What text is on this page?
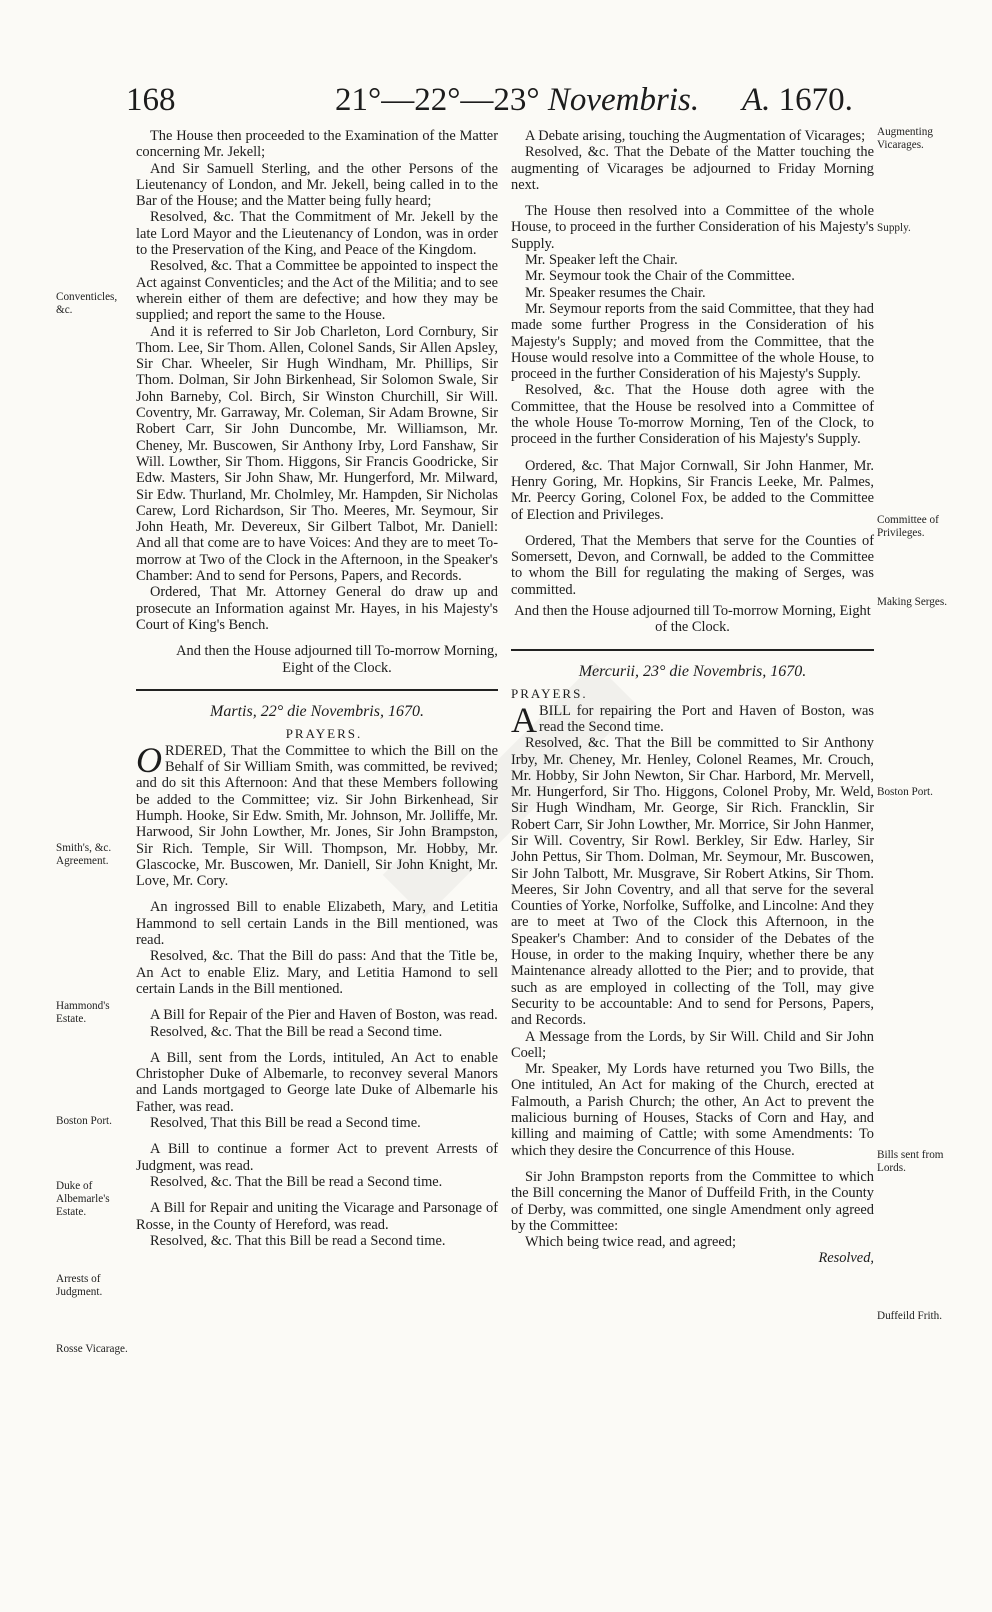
168	21°—22°—23° Novembris. A. 1670.

The House then proceeded to the Examination of the Matter concerning Mr. Jekell;

And Sir Samuell Sterling, and the other Persons of the Lieutenancy of London, and Mr. Jekell, being called in to the Bar of the House; and the Matter being fully heard;

Resolved, &c. That the Commitment of Mr. Jekell by the late Lord Mayor and the Lieutenancy of London, was in order to the Preservation of the King, and Peace of the Kingdom.

Resolved, &c. That a Committee be appointed to inspect the Act against Conventicles; and the Act of the Militia; and to see wherein either of them are defective; and how they may be supplied; and report the same to the House.

And it is referred to Sir Job Charleton, Lord Cornbury, Sir Thom. Lee, Sir Thom. Allen, Colonel Sands, Sir Allen Apsley, Sir Char. Wheeler, Sir Hugh Windham, Mr. Phillips, Sir Thom. Dolman, Sir John Birkenhead, Sir Solomon Swale, Sir John Barneby, Col. Birch, Sir Winston Churchill, Sir Will. Coventry, Mr. Garraway, Mr. Coleman, Sir Adam Browne, Sir Robert Carr, Sir John Duncombe, Mr. Williamson, Mr. Cheney, Mr. Buscowen, Sir Anthony Irby, Lord Fanshaw, Sir Will. Lowther, Sir Thom. Higgons, Sir Francis Goodricke, Sir Edw. Masters, Sir John Shaw, Mr. Hungerford, Mr. Milward, Sir Edw. Thurland, Mr. Cholmley, Mr. Hampden, Sir Nicholas Carew, Lord Richardson, Sir Tho. Meeres, Mr. Seymour, Sir John Heath, Mr. Devereux, Sir Gilbert Talbot, Mr. Daniell: And all that come are to have Voices: And they are to meet To-morrow at Two of the Clock in the Afternoon, in the Speaker's Chamber: And to send for Persons, Papers, and Records.

Ordered, That Mr. Attorney General do draw up and prosecute an Information against Mr. Hayes, in his Majesty's Court of King's Bench.

And then the House adjourned till To-morrow Morning, Eight of the Clock.

Martis, 22° die Novembris, 1670.

PRAYERS.

ORDERED, That the Committee to which the Bill on the Behalf of Sir William Smith, was committed, be revived; and do sit this Afternoon: And that these Members following be added to the Committee; viz. Sir John Birkenhead, Sir Humph. Hooke, Sir Edw. Smith, Mr. Johnson, Mr. Jolliffe, Mr. Harwood, Sir John Lowther, Mr. Jones, Sir John Brampston, Sir Rich. Temple, Sir Will. Thompson, Mr. Hobby, Mr. Glascocke, Mr. Buscowen, Mr. Daniell, Sir John Knight, Mr. Love, Mr. Cory.

An ingrossed Bill to enable Elizabeth, Mary, and Letitia Hammond to sell certain Lands in the Bill mentioned, was read.

Resolved, &c. That the Bill do pass: And that the Title be, An Act to enable Eliz. Mary, and Letitia Hamond to sell certain Lands in the Bill mentioned.

A Bill for Repair of the Pier and Haven of Boston, was read.

Resolved, &c. That the Bill be read a Second time.

A Bill, sent from the Lords, intituled, An Act to enable Christopher Duke of Albemarle, to reconvey several Manors and Lands mortgaged to George late Duke of Albemarle his Father, was read.

Resolved, That this Bill be read a Second time.

A Bill to continue a former Act to prevent Arrests of Judgment, was read.

Resolved, &c. That the Bill be read a Second time.

A Bill for Repair and uniting the Vicarage and Parsonage of Rosse, in the County of Hereford, was read.

Resolved, &c. That this Bill be read a Second time.

A Debate arising, touching the Augmentation of Vicarages;

Resolved, &c. That the Debate of the Matter touching the augmenting of Vicarages be adjourned to Friday Morning next.

The House then resolved into a Committee of the whole House, to proceed in the further Consideration of his Majesty's Supply.

Mr. Speaker left the Chair.

Mr. Seymour took the Chair of the Committee.

Mr. Speaker resumes the Chair.

Mr. Seymour reports from the said Committee, that they had made some further Progress in the Consideration of his Majesty's Supply; and moved from the Committee, that the House would resolve into a Committee of the whole House, to proceed in the further Consideration of his Majesty's Supply.

Resolved, &c. That the House doth agree with the Committee, that the House be resolved into a Committee of the whole House To-morrow Morning, Ten of the Clock, to proceed in the further Consideration of his Majesty's Supply.

Ordered, &c. That Major Cornwall, Sir John Hanmer, Mr. Henry Goring, Mr. Hopkins, Sir Francis Leeke, Mr. Palmes, Mr. Peercy Goring, Colonel Fox, be added to the Committee of Election and Privileges.

Ordered, That the Members that serve for the Counties of Somersett, Devon, and Cornwall, be added to the Committee to whom the Bill for regulating the making of Serges, was committed.

And then the House adjourned till To-morrow Morning, Eight of the Clock.

Mercurii, 23° die Novembris, 1670.

PRAYERS.

ABILL for repairing the Port and Haven of Boston, was read the Second time.

Resolved, &c. That the Bill be committed to Sir Anthony Irby, Mr. Cheney, Mr. Henley, Colonel Reames, Mr. Crouch, Mr. Hobby, Sir John Newton, Sir Char. Harbord, Mr. Mervell, Mr. Hungerford, Sir Tho. Higgons, Colonel Proby, Mr. Weld, Sir Hugh Windham, Mr. George, Sir Rich. Francklin, Sir Robert Carr, Sir John Lowther, Mr. Morrice, Sir John Hanmer, Sir Will. Coventry, Sir Rowl. Berkley, Sir Edw. Harley, Sir John Pettus, Sir Thom. Dolman, Mr. Seymour, Mr. Buscowen, Sir John Talbott, Mr. Musgrave, Sir Robert Atkins, Sir Thom. Meeres, Sir John Coventry, and all that serve for the several Counties of Yorke, Norfolke, Suffolke, and Lincolne: And they are to meet at Two of the Clock this Afternoon, in the Speaker's Chamber: And to consider of the Debates of the House, in order to the making Inquiry, whether there be any Maintenance already allotted to the Pier; and to provide, that such as are employed in collecting of the Toll, may give Security to be accountable: And to send for Persons, Papers, and Records.

A Message from the Lords, by Sir Will. Child and Sir John Coell;

Mr. Speaker, My Lords have returned you Two Bills, the One intituled, An Act for making of the Church, erected at Falmouth, a Parish Church; the other, An Act to prevent the malicious burning of Houses, Stacks of Corn and Hay, and killing and maiming of Cattle; with some Amendments: To which they desire the Concurrence of this House.

Sir John Brampston reports from the Committee to which the Bill concerning the Manor of Duffeild Frith, in the County of Derby, was committed, one single Amendment only agreed by the Committee:

Which being twice read, and agreed;

Resolved,

Conventicles, &c.
Smith's, &c. Agreement.
Hammond's Estate.
Boston Port.
Duke of Albemarle's Estate.
Arrests of Judgment.
Rosse Vicarage.
Augmenting Vicarages.
Supply.
Committee of Privileges.
Making Serges.
Boston Port.
Bills sent from Lords.
Duffeild Frith.
